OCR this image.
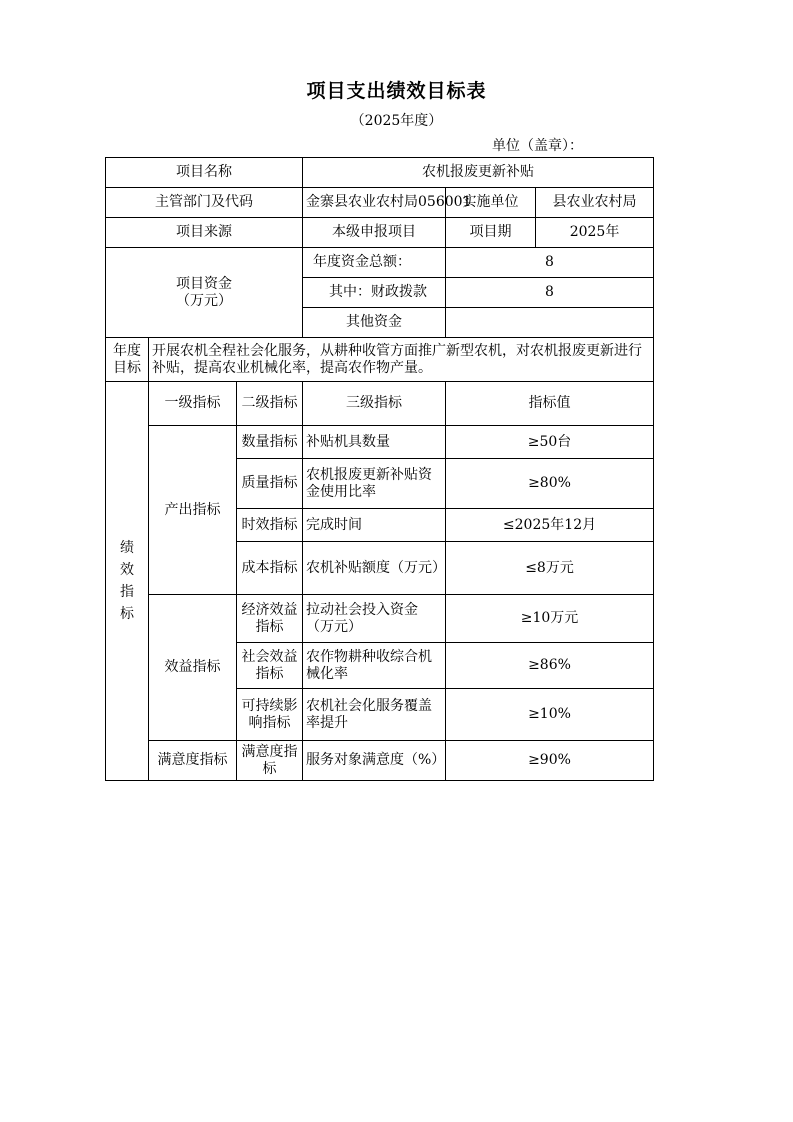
项目支出绩效目标表
（2025年度）
单位（盖章）：
项目名称			农机报废更新补贴		
主管部门及代码			金寨县农业农村局056001	实施单位	县农业农村局
项目来源			本级申报项目	项目期	2025年
项目资金
（万元）			年度资金总额：	8	
			其中：财政拨款	8	
			其他资金		
年度
目标	开展农机全程社会化服务，从耕种收管方面推广新型农机，对农机报废更新进行补贴，提高农业机械化率，提高农作物产量。				
绩
效
指
标	一级指标	二级指标	三级指标	指标值	
	产出指标	数量指标	补贴机具数量	≥50台	
		质量指标	农机报废更新补贴资金使用比率	≥80%	
		时效指标	完成时间	≤2025年12月	
		成本指标	农机补贴额度（万元）	≤8万元	
	效益指标	经济效益指标	拉动社会投入资金（万元）	≥10万元	
		社会效益指标	农作物耕种收综合机械化率	≥86%	
		可持续影响指标	农机社会化服务覆盖率提升	≥10%	
	满意度指标	满意度指标	服务对象满意度（%）	≥90%	
